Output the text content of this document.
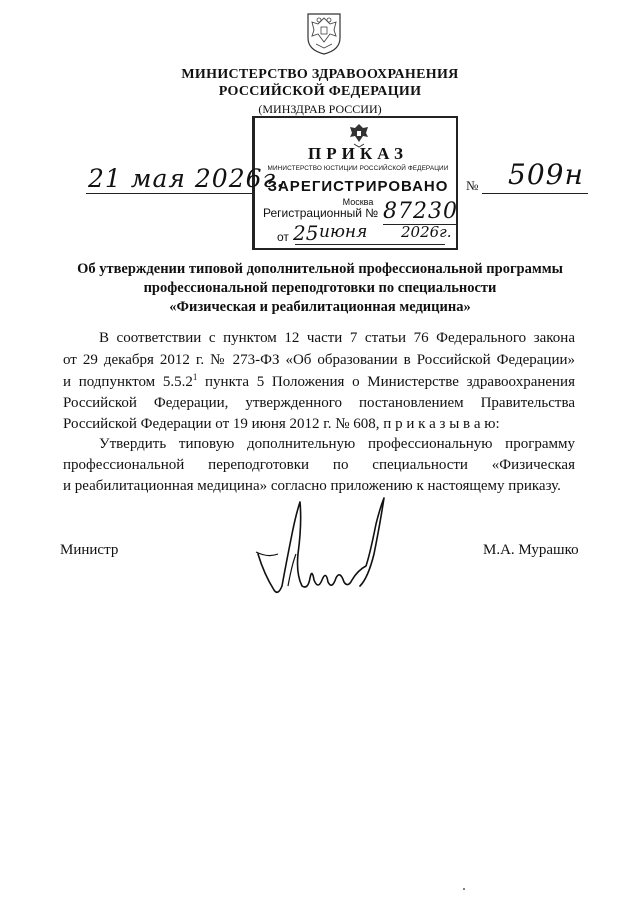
МИНИСТЕРСТВО ЗДРАВООХРАНЕНИЯ
РОССИЙСКОЙ ФЕДЕРАЦИИ
(МИНЗДРАВ РОССИИ)
ПРИКАЗ
МИНИСТЕРСТВО ЮСТИЦИИ РОССИЙСКОЙ ФЕДЕРАЦИИ
ЗАРЕГИСТРИРОВАНО
Москва
Регистрационный № 87230
от 25 июня 2026г.
21 мая 2026г.	№ 509н
Об утверждении типовой дополнительной профессиональной программы
профессиональной переподготовки по специальности
«Физическая и реабилитационная медицина»
В соответствии с пунктом 12 части 7 статьи 76 Федерального закона
от 29 декабря 2012 г. № 273-ФЗ «Об образовании в Российской Федерации»
и подпунктом 5.5.2$^1$ пункта 5 Положения о Министерстве здравоохранения
Российской Федерации, утвержденного постановлением Правительства
Российской Федерации от 19 июня 2012 г. № 608, п р и к а з ы в а ю:
Утвердить типовую дополнительную профессиональную программу
профессиональной переподготовки по специальности «Физическая
и реабилитационная медицина» согласно приложению к настоящему приказу.
Министр	М.А. Мурашко
